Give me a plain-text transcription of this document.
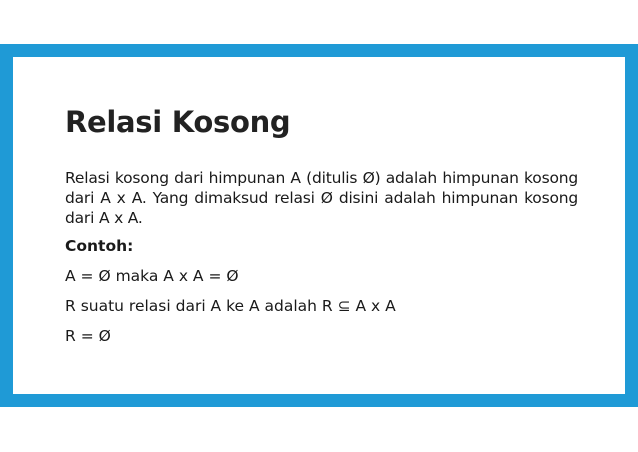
Relasi Kosong

Relasi kosong dari himpunan A (ditulis Ø) adalah himpunan kosong dari A x A. Yang dimaksud relasi Ø disini adalah himpunan kosong dari A x A.

Contoh:

A = Ø maka A x A = Ø

R suatu relasi dari A ke A adalah R ⊆ A x A

R = Ø
